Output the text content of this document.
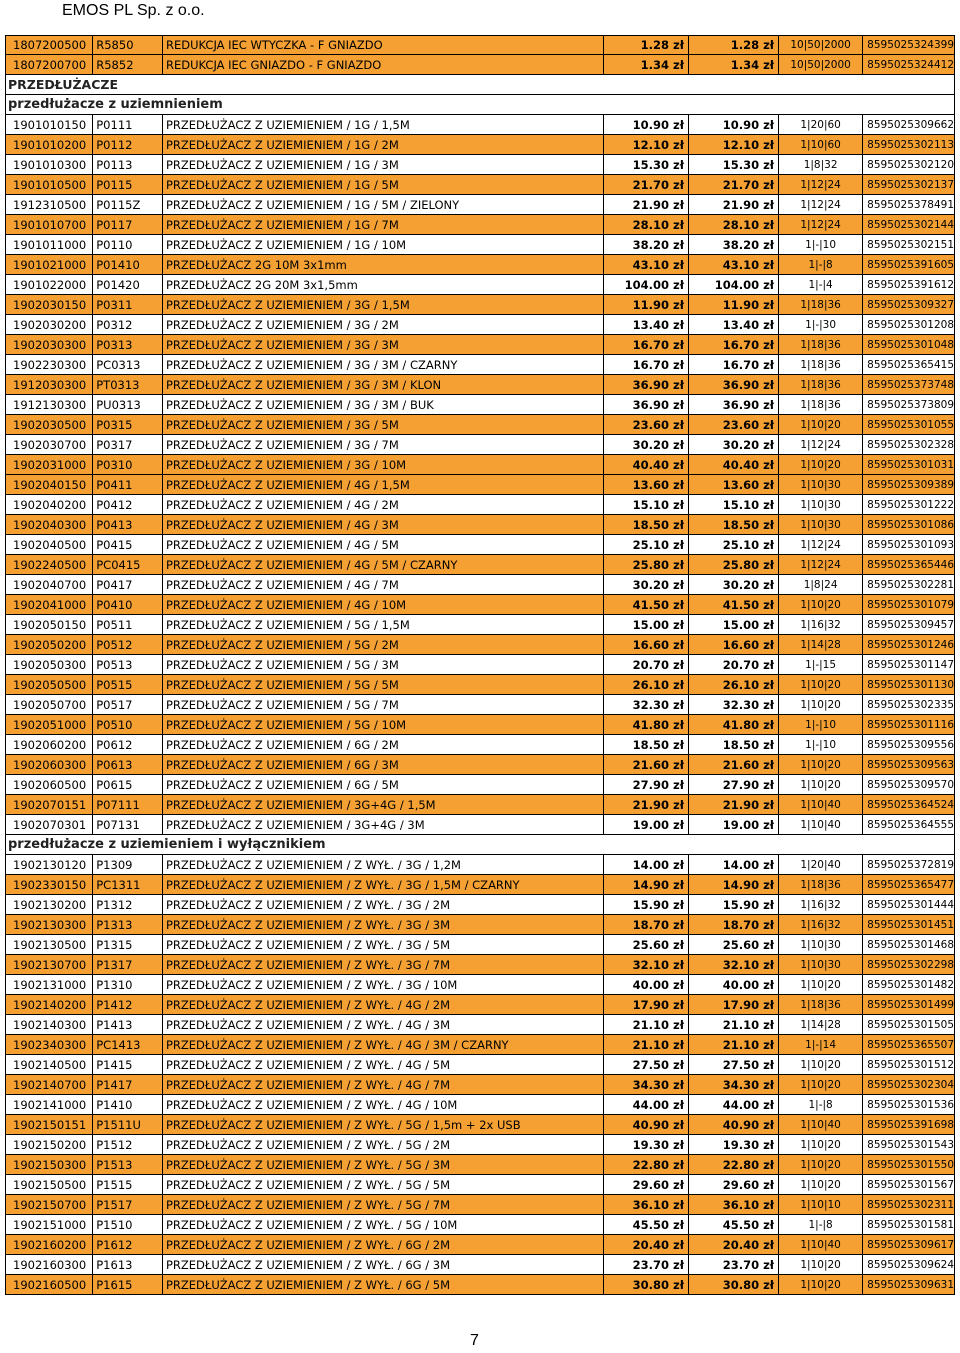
EMOS PL Sp. z o.o.
1807200500 R5850	REDUKCJA IEC WTYCZKA - F GNIAZDO	1.28 zł	1.28 zł	10|50|2000	8595025324399
1807200700 R5852	REDUKCJA IEC GNIAZDO - F GNIAZDO	1.34 zł	1.34 zł	10|50|2000	8595025324412
PRZEDŁUŻACZE
przedłużacze z uziemnieniem
1901010150 P0111	PRZEDŁUŻACZ Z UZIEMIENIEM / 1G / 1,5M	10.90 zł	10.90 zł	1|20|60	8595025309662
1901010200 P0112	PRZEDŁUŻACZ Z UZIEMIENIEM / 1G / 2M	12.10 zł	12.10 zł	1|10|60	8595025302113
1901010300 P0113	PRZEDŁUŻACZ Z UZIEMIENIEM / 1G / 3M	15.30 zł	15.30 zł	1|8|32	8595025302120
1901010500 P0115	PRZEDŁUŻACZ Z UZIEMIENIEM / 1G / 5M	21.70 zł	21.70 zł	1|12|24	8595025302137
1912310500 P0115Z	PRZEDŁUŻACZ Z UZIEMIENIEM / 1G / 5M / ZIELONY	21.90 zł	21.90 zł	1|12|24	8595025378491
1901010700 P0117	PRZEDŁUŻACZ Z UZIEMIENIEM / 1G / 7M	28.10 zł	28.10 zł	1|12|24	8595025302144
1901011000 P0110	PRZEDŁUŻACZ Z UZIEMIENIEM / 1G / 10M	38.20 zł	38.20 zł	1|-|10	8595025302151
1901021000 P01410	PRZEDŁUŻACZ 2G 10M 3x1mm	43.10 zł	43.10 zł	1|-|8	8595025391605
1901022000 P01420	PRZEDŁUŻACZ 2G 20M 3x1,5mm	104.00 zł	104.00 zł	1|-|4	8595025391612
1902030150 P0311	PRZEDŁUŻACZ Z UZIEMIENIEM / 3G / 1,5M	11.90 zł	11.90 zł	1|18|36	8595025309327
1902030200 P0312	PRZEDŁUŻACZ Z UZIEMIENIEM / 3G / 2M	13.40 zł	13.40 zł	1|-|30	8595025301208
1902030300 P0313	PRZEDŁUŻACZ Z UZIEMIENIEM / 3G / 3M	16.70 zł	16.70 zł	1|18|36	8595025301048
1902230300 PC0313	PRZEDŁUŻACZ Z UZIEMIENIEM / 3G / 3M / CZARNY	16.70 zł	16.70 zł	1|18|36	8595025365415
1912030300 PT0313	PRZEDŁUŻACZ Z UZIEMIENIEM / 3G / 3M / KLON	36.90 zł	36.90 zł	1|18|36	8595025373748
1912130300 PU0313	PRZEDŁUŻACZ Z UZIEMIENIEM / 3G / 3M / BUK	36.90 zł	36.90 zł	1|18|36	8595025373809
1902030500 P0315	PRZEDŁUŻACZ Z UZIEMIENIEM / 3G / 5M	23.60 zł	23.60 zł	1|10|20	8595025301055
1902030700 P0317	PRZEDŁUŻACZ Z UZIEMIENIEM / 3G / 7M	30.20 zł	30.20 zł	1|12|24	8595025302328
1902031000 P0310	PRZEDŁUŻACZ Z UZIEMIENIEM / 3G / 10M	40.40 zł	40.40 zł	1|10|20	8595025301031
1902040150 P0411	PRZEDŁUŻACZ Z UZIEMIENIEM / 4G / 1,5M	13.60 zł	13.60 zł	1|10|30	8595025309389
1902040200 P0412	PRZEDŁUŻACZ Z UZIEMIENIEM / 4G / 2M	15.10 zł	15.10 zł	1|10|30	8595025301222
1902040300 P0413	PRZEDŁUŻACZ Z UZIEMIENIEM / 4G / 3M	18.50 zł	18.50 zł	1|10|30	8595025301086
1902040500 P0415	PRZEDŁUŻACZ Z UZIEMIENIEM / 4G / 5M	25.10 zł	25.10 zł	1|12|24	8595025301093
1902240500 PC0415	PRZEDŁUŻACZ Z UZIEMIENIEM / 4G / 5M / CZARNY	25.80 zł	25.80 zł	1|12|24	8595025365446
1902040700 P0417	PRZEDŁUŻACZ Z UZIEMIENIEM / 4G / 7M	30.20 zł	30.20 zł	1|8|24	8595025302281
1902041000 P0410	PRZEDŁUŻACZ Z UZIEMIENIEM / 4G / 10M	41.50 zł	41.50 zł	1|10|20	8595025301079
1902050150 P0511	PRZEDŁUŻACZ Z UZIEMIENIEM / 5G / 1,5M	15.00 zł	15.00 zł	1|16|32	8595025309457
1902050200 P0512	PRZEDŁUŻACZ Z UZIEMIENIEM / 5G / 2M	16.60 zł	16.60 zł	1|14|28	8595025301246
1902050300 P0513	PRZEDŁUŻACZ Z UZIEMIENIEM / 5G / 3M	20.70 zł	20.70 zł	1|-|15	8595025301147
1902050500 P0515	PRZEDŁUŻACZ Z UZIEMIENIEM / 5G / 5M	26.10 zł	26.10 zł	1|10|20	8595025301130
1902050700 P0517	PRZEDŁUŻACZ Z UZIEMIENIEM / 5G / 7M	32.30 zł	32.30 zł	1|10|20	8595025302335
1902051000 P0510	PRZEDŁUŻACZ Z UZIEMIENIEM / 5G / 10M	41.80 zł	41.80 zł	1|-|10	8595025301116
1902060200 P0612	PRZEDŁUŻACZ Z UZIEMIENIEM / 6G / 2M	18.50 zł	18.50 zł	1|-|10	8595025309556
1902060300 P0613	PRZEDŁUŻACZ Z UZIEMIENIEM / 6G / 3M	21.60 zł	21.60 zł	1|10|20	8595025309563
1902060500 P0615	PRZEDŁUŻACZ Z UZIEMIENIEM / 6G / 5M	27.90 zł	27.90 zł	1|10|20	8595025309570
1902070151 P07111	PRZEDŁUŻACZ Z UZIEMIENIEM / 3G+4G / 1,5M	21.90 zł	21.90 zł	1|10|40	8595025364524
1902070301 P07131	PRZEDŁUŻACZ Z UZIEMIENIEM / 3G+4G / 3M	19.00 zł	19.00 zł	1|10|40	8595025364555
przedłużacze z uziemieniem i wyłącznikiem
1902130120 P1309	PRZEDŁUŻACZ Z UZIEMIENIEM / Z WYŁ. / 3G / 1,2M	14.00 zł	14.00 zł	1|20|40	8595025372819
1902330150 PC1311	PRZEDŁUŻACZ Z UZIEMIENIEM / Z WYŁ. / 3G / 1,5M / CZARNY	14.90 zł	14.90 zł	1|18|36	8595025365477
1902130200 P1312	PRZEDŁUŻACZ Z UZIEMIENIEM / Z WYŁ. / 3G / 2M	15.90 zł	15.90 zł	1|16|32	8595025301444
1902130300 P1313	PRZEDŁUŻACZ Z UZIEMIENIEM / Z WYŁ. / 3G / 3M	18.70 zł	18.70 zł	1|16|32	8595025301451
1902130500 P1315	PRZEDŁUŻACZ Z UZIEMIENIEM / Z WYŁ. / 3G / 5M	25.60 zł	25.60 zł	1|10|30	8595025301468
1902130700 P1317	PRZEDŁUŻACZ Z UZIEMIENIEM / Z WYŁ. / 3G / 7M	32.10 zł	32.10 zł	1|10|30	8595025302298
1902131000 P1310	PRZEDŁUŻACZ Z UZIEMIENIEM / Z WYŁ. / 3G / 10M	40.00 zł	40.00 zł	1|10|20	8595025301482
1902140200 P1412	PRZEDŁUŻACZ Z UZIEMIENIEM / Z WYŁ. / 4G / 2M	17.90 zł	17.90 zł	1|18|36	8595025301499
1902140300 P1413	PRZEDŁUŻACZ Z UZIEMIENIEM / Z WYŁ. / 4G / 3M	21.10 zł	21.10 zł	1|14|28	8595025301505
1902340300 PC1413	PRZEDŁUŻACZ Z UZIEMIENIEM / Z WYŁ. / 4G / 3M / CZARNY	21.10 zł	21.10 zł	1|-|14	8595025365507
1902140500 P1415	PRZEDŁUŻACZ Z UZIEMIENIEM / Z WYŁ. / 4G / 5M	27.50 zł	27.50 zł	1|10|20	8595025301512
1902140700 P1417	PRZEDŁUŻACZ Z UZIEMIENIEM / Z WYŁ. / 4G / 7M	34.30 zł	34.30 zł	1|10|20	8595025302304
1902141000 P1410	PRZEDŁUŻACZ Z UZIEMIENIEM / Z WYŁ. / 4G / 10M	44.00 zł	44.00 zł	1|-|8	8595025301536
1902150151 P1511U	PRZEDŁUŻACZ Z UZIEMIENIEM / Z WYŁ. / 5G / 1,5m + 2x USB	40.90 zł	40.90 zł	1|10|40	8595025391698
1902150200 P1512	PRZEDŁUŻACZ Z UZIEMIENIEM / Z WYŁ. / 5G / 2M	19.30 zł	19.30 zł	1|10|20	8595025301543
1902150300 P1513	PRZEDŁUŻACZ Z UZIEMIENIEM / Z WYŁ. / 5G / 3M	22.80 zł	22.80 zł	1|10|20	8595025301550
1902150500 P1515	PRZEDŁUŻACZ Z UZIEMIENIEM / Z WYŁ. / 5G / 5M	29.60 zł	29.60 zł	1|10|20	8595025301567
1902150700 P1517	PRZEDŁUŻACZ Z UZIEMIENIEM / Z WYŁ. / 5G / 7M	36.10 zł	36.10 zł	1|10|10	8595025302311
1902151000 P1510	PRZEDŁUŻACZ Z UZIEMIENIEM / Z WYŁ. / 5G / 10M	45.50 zł	45.50 zł	1|-|8	8595025301581
1902160200 P1612	PRZEDŁUŻACZ Z UZIEMIENIEM / Z WYŁ. / 6G / 2M	20.40 zł	20.40 zł	1|10|40	8595025309617
1902160300 P1613	PRZEDŁUŻACZ Z UZIEMIENIEM / Z WYŁ. / 6G / 3M	23.70 zł	23.70 zł	1|10|20	8595025309624
1902160500 P1615	PRZEDŁUŻACZ Z UZIEMIENIEM / Z WYŁ. / 6G / 5M	30.80 zł	30.80 zł	1|10|20	8595025309631
7
